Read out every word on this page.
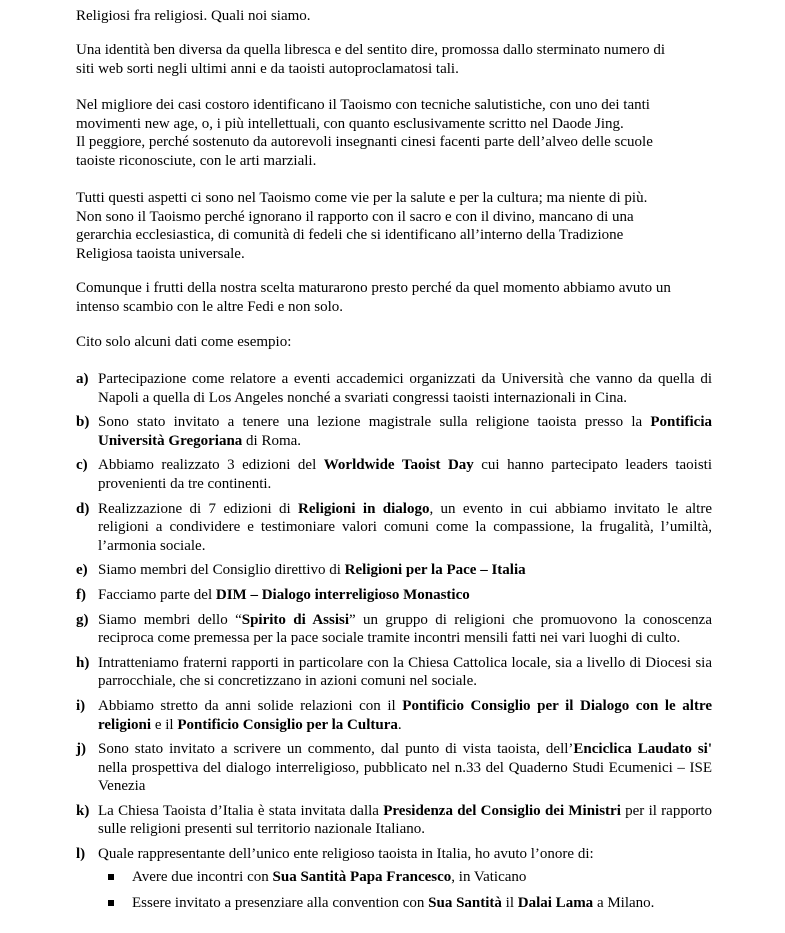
Religiosi fra religiosi. Quali noi siamo.

Una identità ben diversa da quella libresca e del sentito dire, promossa dallo sterminato numero di
siti web sorti negli ultimi anni e da taoisti autoproclamatosi tali.

Nel migliore dei casi costoro identificano il Taoismo con tecniche salutistiche, con uno dei tanti
movimenti new age, o, i più intellettuali, con quanto esclusivamente scritto nel Daode Jing.
Il peggiore, perché sostenuto da autorevoli insegnanti cinesi facenti parte dell’alveo delle scuole
taoiste riconosciute, con le arti marziali.

Tutti questi aspetti ci sono nel Taoismo come vie per la salute e per la cultura; ma niente di più.
Non sono il Taoismo perché ignorano il rapporto con il sacro e con il divino, mancano di una
gerarchia ecclesiastica, di comunità di fedeli che si identificano all’interno della Tradizione
Religiosa taoista universale.

Comunque i frutti della nostra scelta maturarono presto perché da quel momento abbiamo avuto un
intenso scambio con le altre Fedi e non solo.

Cito solo alcuni dati come esempio:

a) Partecipazione come relatore a eventi accademici organizzati da Università che vanno da quella di Napoli a quella di Los Angeles nonché a svariati congressi taoisti internazionali in Cina.
b) Sono stato invitato a tenere una lezione magistrale sulla religione taoista presso la Pontificia Università Gregoriana di Roma.
c) Abbiamo realizzato 3 edizioni del Worldwide Taoist Day cui hanno partecipato leaders taoisti provenienti da tre continenti.
d) Realizzazione di 7 edizioni di Religioni in dialogo, un evento in cui abbiamo invitato le altre religioni a condividere e testimoniare valori comuni come la compassione, la frugalità, l’umiltà, l’armonia sociale.
e) Siamo membri del Consiglio direttivo di Religioni per la Pace – Italia
f) Facciamo parte del DIM – Dialogo interreligioso Monastico
g) Siamo membri dello “Spirito di Assisi” un gruppo di religioni che promuovono la conoscenza reciproca come premessa per la pace sociale tramite incontri mensili fatti nei vari luoghi di culto.
h) Intratteniamo fraterni rapporti in particolare con la Chiesa Cattolica locale, sia a livello di Diocesi sia parrocchiale, che si concretizzano in azioni comuni nel sociale.
i) Abbiamo stretto da anni solide relazioni con il Pontificio Consiglio per il Dialogo con le altre religioni e il Pontificio Consiglio per la Cultura.
j) Sono stato invitato a scrivere un commento, dal punto di vista taoista, dell’Enciclica Laudato si' nella prospettiva del dialogo interreligioso, pubblicato nel n.33 del Quaderno Studi Ecumenici – ISE Venezia
k) La Chiesa Taoista d’Italia è stata invitata dalla Presidenza del Consiglio dei Ministri per il rapporto sulle religioni presenti sul territorio nazionale Italiano.
l) Quale rappresentante dell’unico ente religioso taoista in Italia, ho avuto l’onore di:
Avere due incontri con Sua Santità Papa Francesco, in Vaticano
Essere invitato a presenziare alla convention con Sua Santità il Dalai Lama a Milano.
